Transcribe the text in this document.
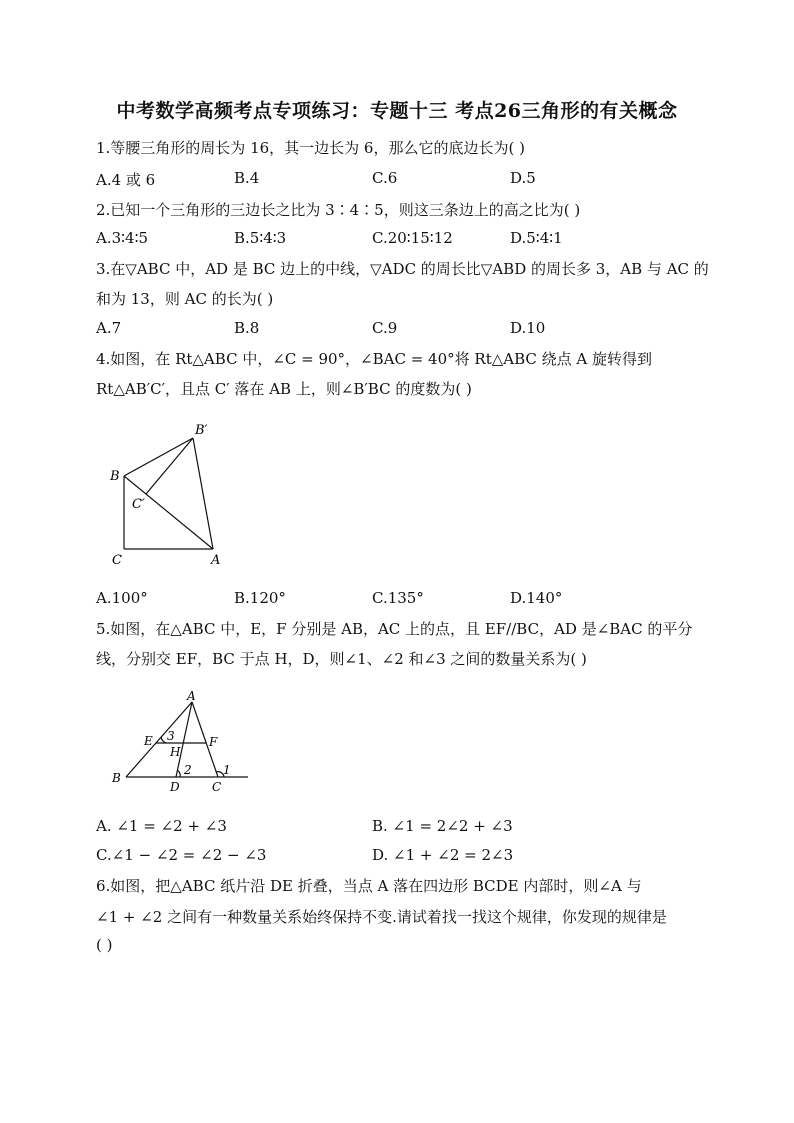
中考数学高频考点专项练习：专题十三 考点26三角形的有关概念
1.等腰三角形的周长为 16，其一边长为 6，那么它的底边长为( )
A.4 或 6	B.4	C.6	D.5
2.已知一个三角形的三边长之比为 3∶4∶5，则这三条边上的高之比为( )
A.3∶4∶5	B.5∶4∶3	C.20∶15∶12	D.5∶4∶1
3.在▽ABC 中，AD 是 BC 边上的中线，▽ADC 的周长比▽ABD 的周长多 3，AB 与 AC 的
和为 13，则 AC 的长为( )
A.7	B.8	C.9	D.10
4.如图，在 Rt△ABC 中，∠C = 90°，∠BAC = 40°将 Rt△ABC 绕点 A 旋转得到
Rt△AB′C′，且点 C′ 落在 AB 上，则∠B′BC 的度数为( )
B′
B
C′
C	A
A.100°	B.120°	C.135°	D.140°
5.如图，在△ABC 中，E，F 分别是 AB，AC 上的点，且 EF//BC，AD 是∠BAC 的平分
线，分别交 EF，BC 于点 H，D，则∠1、∠2 和∠3 之间的数量关系为( )
A
E 3	F
H
2	1
B
D	C
A. ∠1 = ∠2 + ∠3	B. ∠1 = 2∠2 + ∠3
C.∠1 − ∠2 = ∠2 − ∠3	D. ∠1 + ∠2 = 2∠3
6.如图，把△ABC 纸片沿 DE 折叠，当点 A 落在四边形 BCDE 内部时，则∠A 与
∠1 + ∠2 之间有一种数量关系始终保持不变.请试着找一找这个规律，你发现的规律是
( )
